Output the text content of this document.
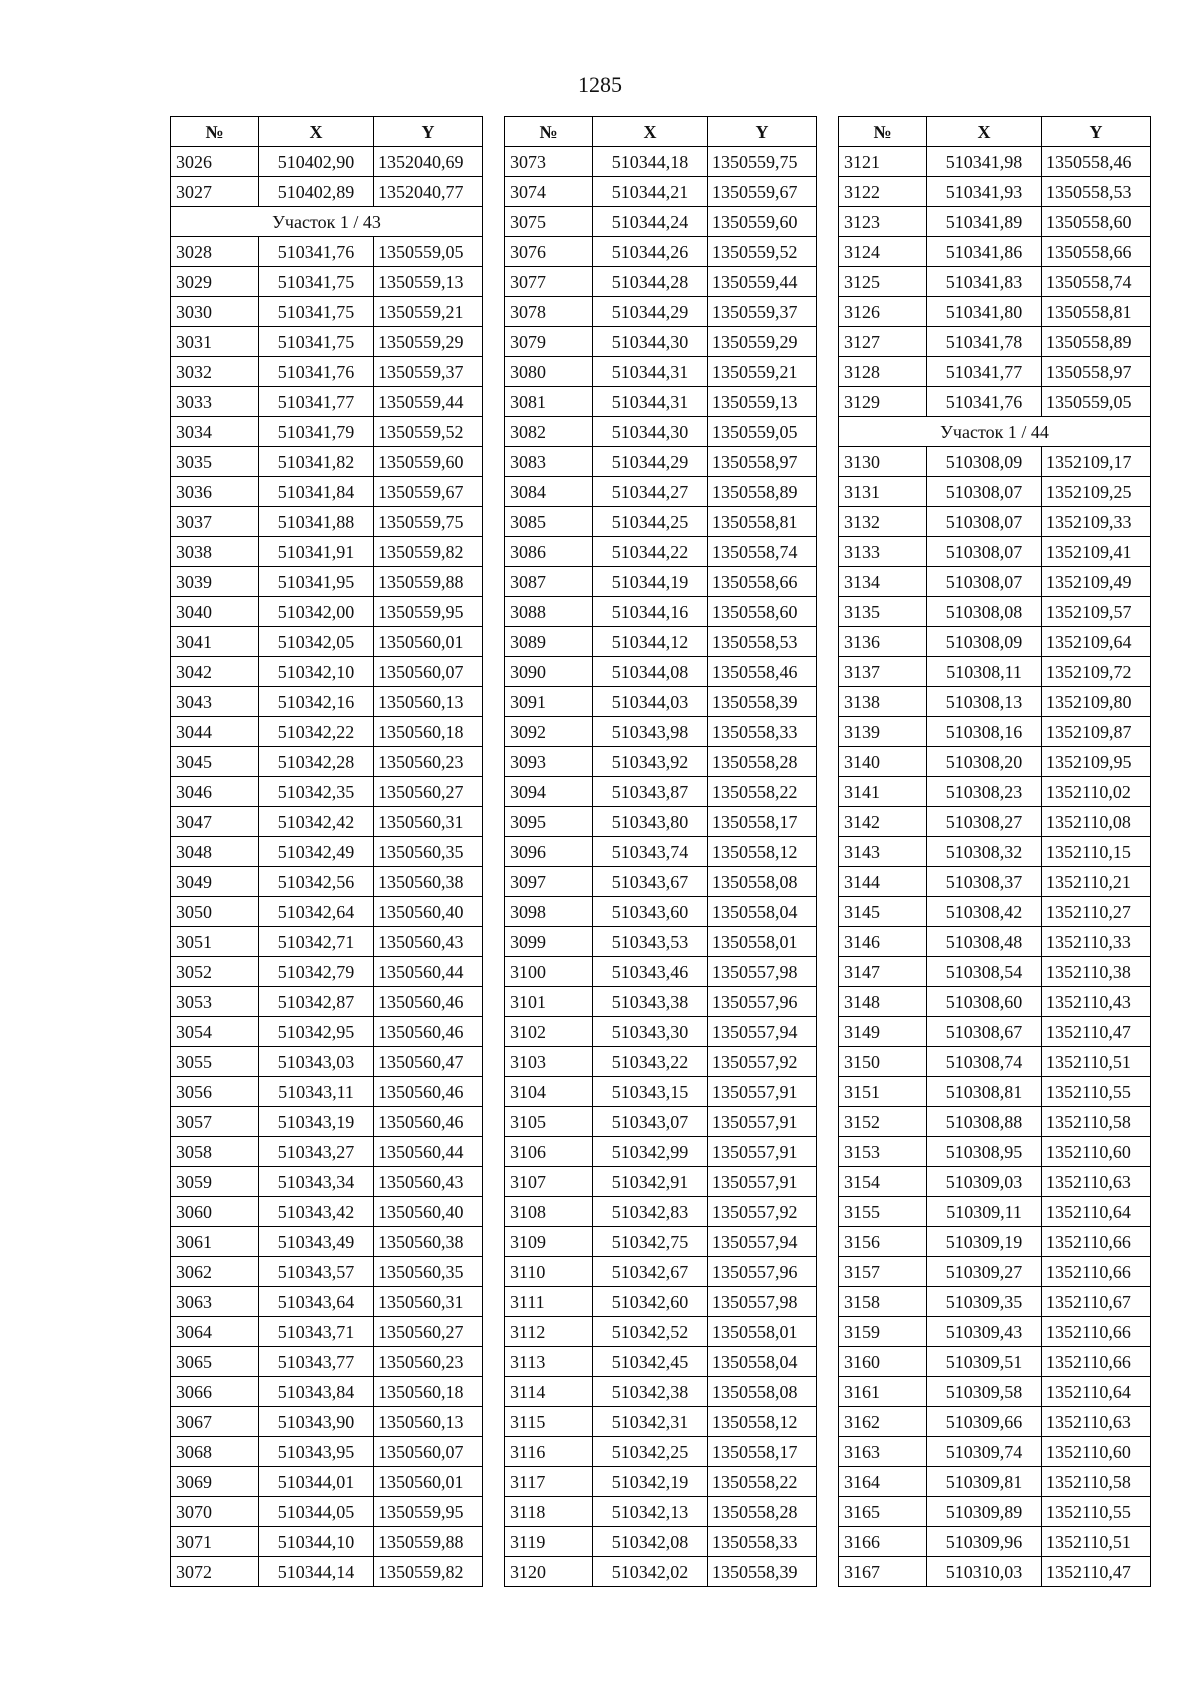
1285
№	X	Y
3026	510402,90	1352040,69
3027	510402,89	1352040,77
Участок 1 / 43		
3028	510341,76	1350559,05
3029	510341,75	1350559,13
3030	510341,75	1350559,21
3031	510341,75	1350559,29
3032	510341,76	1350559,37
3033	510341,77	1350559,44
3034	510341,79	1350559,52
3035	510341,82	1350559,60
3036	510341,84	1350559,67
3037	510341,88	1350559,75
3038	510341,91	1350559,82
3039	510341,95	1350559,88
3040	510342,00	1350559,95
3041	510342,05	1350560,01
3042	510342,10	1350560,07
3043	510342,16	1350560,13
3044	510342,22	1350560,18
3045	510342,28	1350560,23
3046	510342,35	1350560,27
3047	510342,42	1350560,31
3048	510342,49	1350560,35
3049	510342,56	1350560,38
3050	510342,64	1350560,40
3051	510342,71	1350560,43
3052	510342,79	1350560,44
3053	510342,87	1350560,46
3054	510342,95	1350560,46
3055	510343,03	1350560,47
3056	510343,11	1350560,46
3057	510343,19	1350560,46
3058	510343,27	1350560,44
3059	510343,34	1350560,43
3060	510343,42	1350560,40
3061	510343,49	1350560,38
3062	510343,57	1350560,35
3063	510343,64	1350560,31
3064	510343,71	1350560,27
3065	510343,77	1350560,23
3066	510343,84	1350560,18
3067	510343,90	1350560,13
3068	510343,95	1350560,07
3069	510344,01	1350560,01
3070	510344,05	1350559,95
3071	510344,10	1350559,88
3072	510344,14	1350559,82
№	X	Y
3073	510344,18	1350559,75
3074	510344,21	1350559,67
3075	510344,24	1350559,60
3076	510344,26	1350559,52
3077	510344,28	1350559,44
3078	510344,29	1350559,37
3079	510344,30	1350559,29
3080	510344,31	1350559,21
3081	510344,31	1350559,13
3082	510344,30	1350559,05
3083	510344,29	1350558,97
3084	510344,27	1350558,89
3085	510344,25	1350558,81
3086	510344,22	1350558,74
3087	510344,19	1350558,66
3088	510344,16	1350558,60
3089	510344,12	1350558,53
3090	510344,08	1350558,46
3091	510344,03	1350558,39
3092	510343,98	1350558,33
3093	510343,92	1350558,28
3094	510343,87	1350558,22
3095	510343,80	1350558,17
3096	510343,74	1350558,12
3097	510343,67	1350558,08
3098	510343,60	1350558,04
3099	510343,53	1350558,01
3100	510343,46	1350557,98
3101	510343,38	1350557,96
3102	510343,30	1350557,94
3103	510343,22	1350557,92
3104	510343,15	1350557,91
3105	510343,07	1350557,91
3106	510342,99	1350557,91
3107	510342,91	1350557,91
3108	510342,83	1350557,92
3109	510342,75	1350557,94
3110	510342,67	1350557,96
3111	510342,60	1350557,98
3112	510342,52	1350558,01
3113	510342,45	1350558,04
3114	510342,38	1350558,08
3115	510342,31	1350558,12
3116	510342,25	1350558,17
3117	510342,19	1350558,22
3118	510342,13	1350558,28
3119	510342,08	1350558,33
3120	510342,02	1350558,39
№	X	Y
3121	510341,98	1350558,46
3122	510341,93	1350558,53
3123	510341,89	1350558,60
3124	510341,86	1350558,66
3125	510341,83	1350558,74
3126	510341,80	1350558,81
3127	510341,78	1350558,89
3128	510341,77	1350558,97
3129	510341,76	1350559,05
Участок 1 / 44		
3130	510308,09	1352109,17
3131	510308,07	1352109,25
3132	510308,07	1352109,33
3133	510308,07	1352109,41
3134	510308,07	1352109,49
3135	510308,08	1352109,57
3136	510308,09	1352109,64
3137	510308,11	1352109,72
3138	510308,13	1352109,80
3139	510308,16	1352109,87
3140	510308,20	1352109,95
3141	510308,23	1352110,02
3142	510308,27	1352110,08
3143	510308,32	1352110,15
3144	510308,37	1352110,21
3145	510308,42	1352110,27
3146	510308,48	1352110,33
3147	510308,54	1352110,38
3148	510308,60	1352110,43
3149	510308,67	1352110,47
3150	510308,74	1352110,51
3151	510308,81	1352110,55
3152	510308,88	1352110,58
3153	510308,95	1352110,60
3154	510309,03	1352110,63
3155	510309,11	1352110,64
3156	510309,19	1352110,66
3157	510309,27	1352110,66
3158	510309,35	1352110,67
3159	510309,43	1352110,66
3160	510309,51	1352110,66
3161	510309,58	1352110,64
3162	510309,66	1352110,63
3163	510309,74	1352110,60
3164	510309,81	1352110,58
3165	510309,89	1352110,55
3166	510309,96	1352110,51
3167	510310,03	1352110,47
